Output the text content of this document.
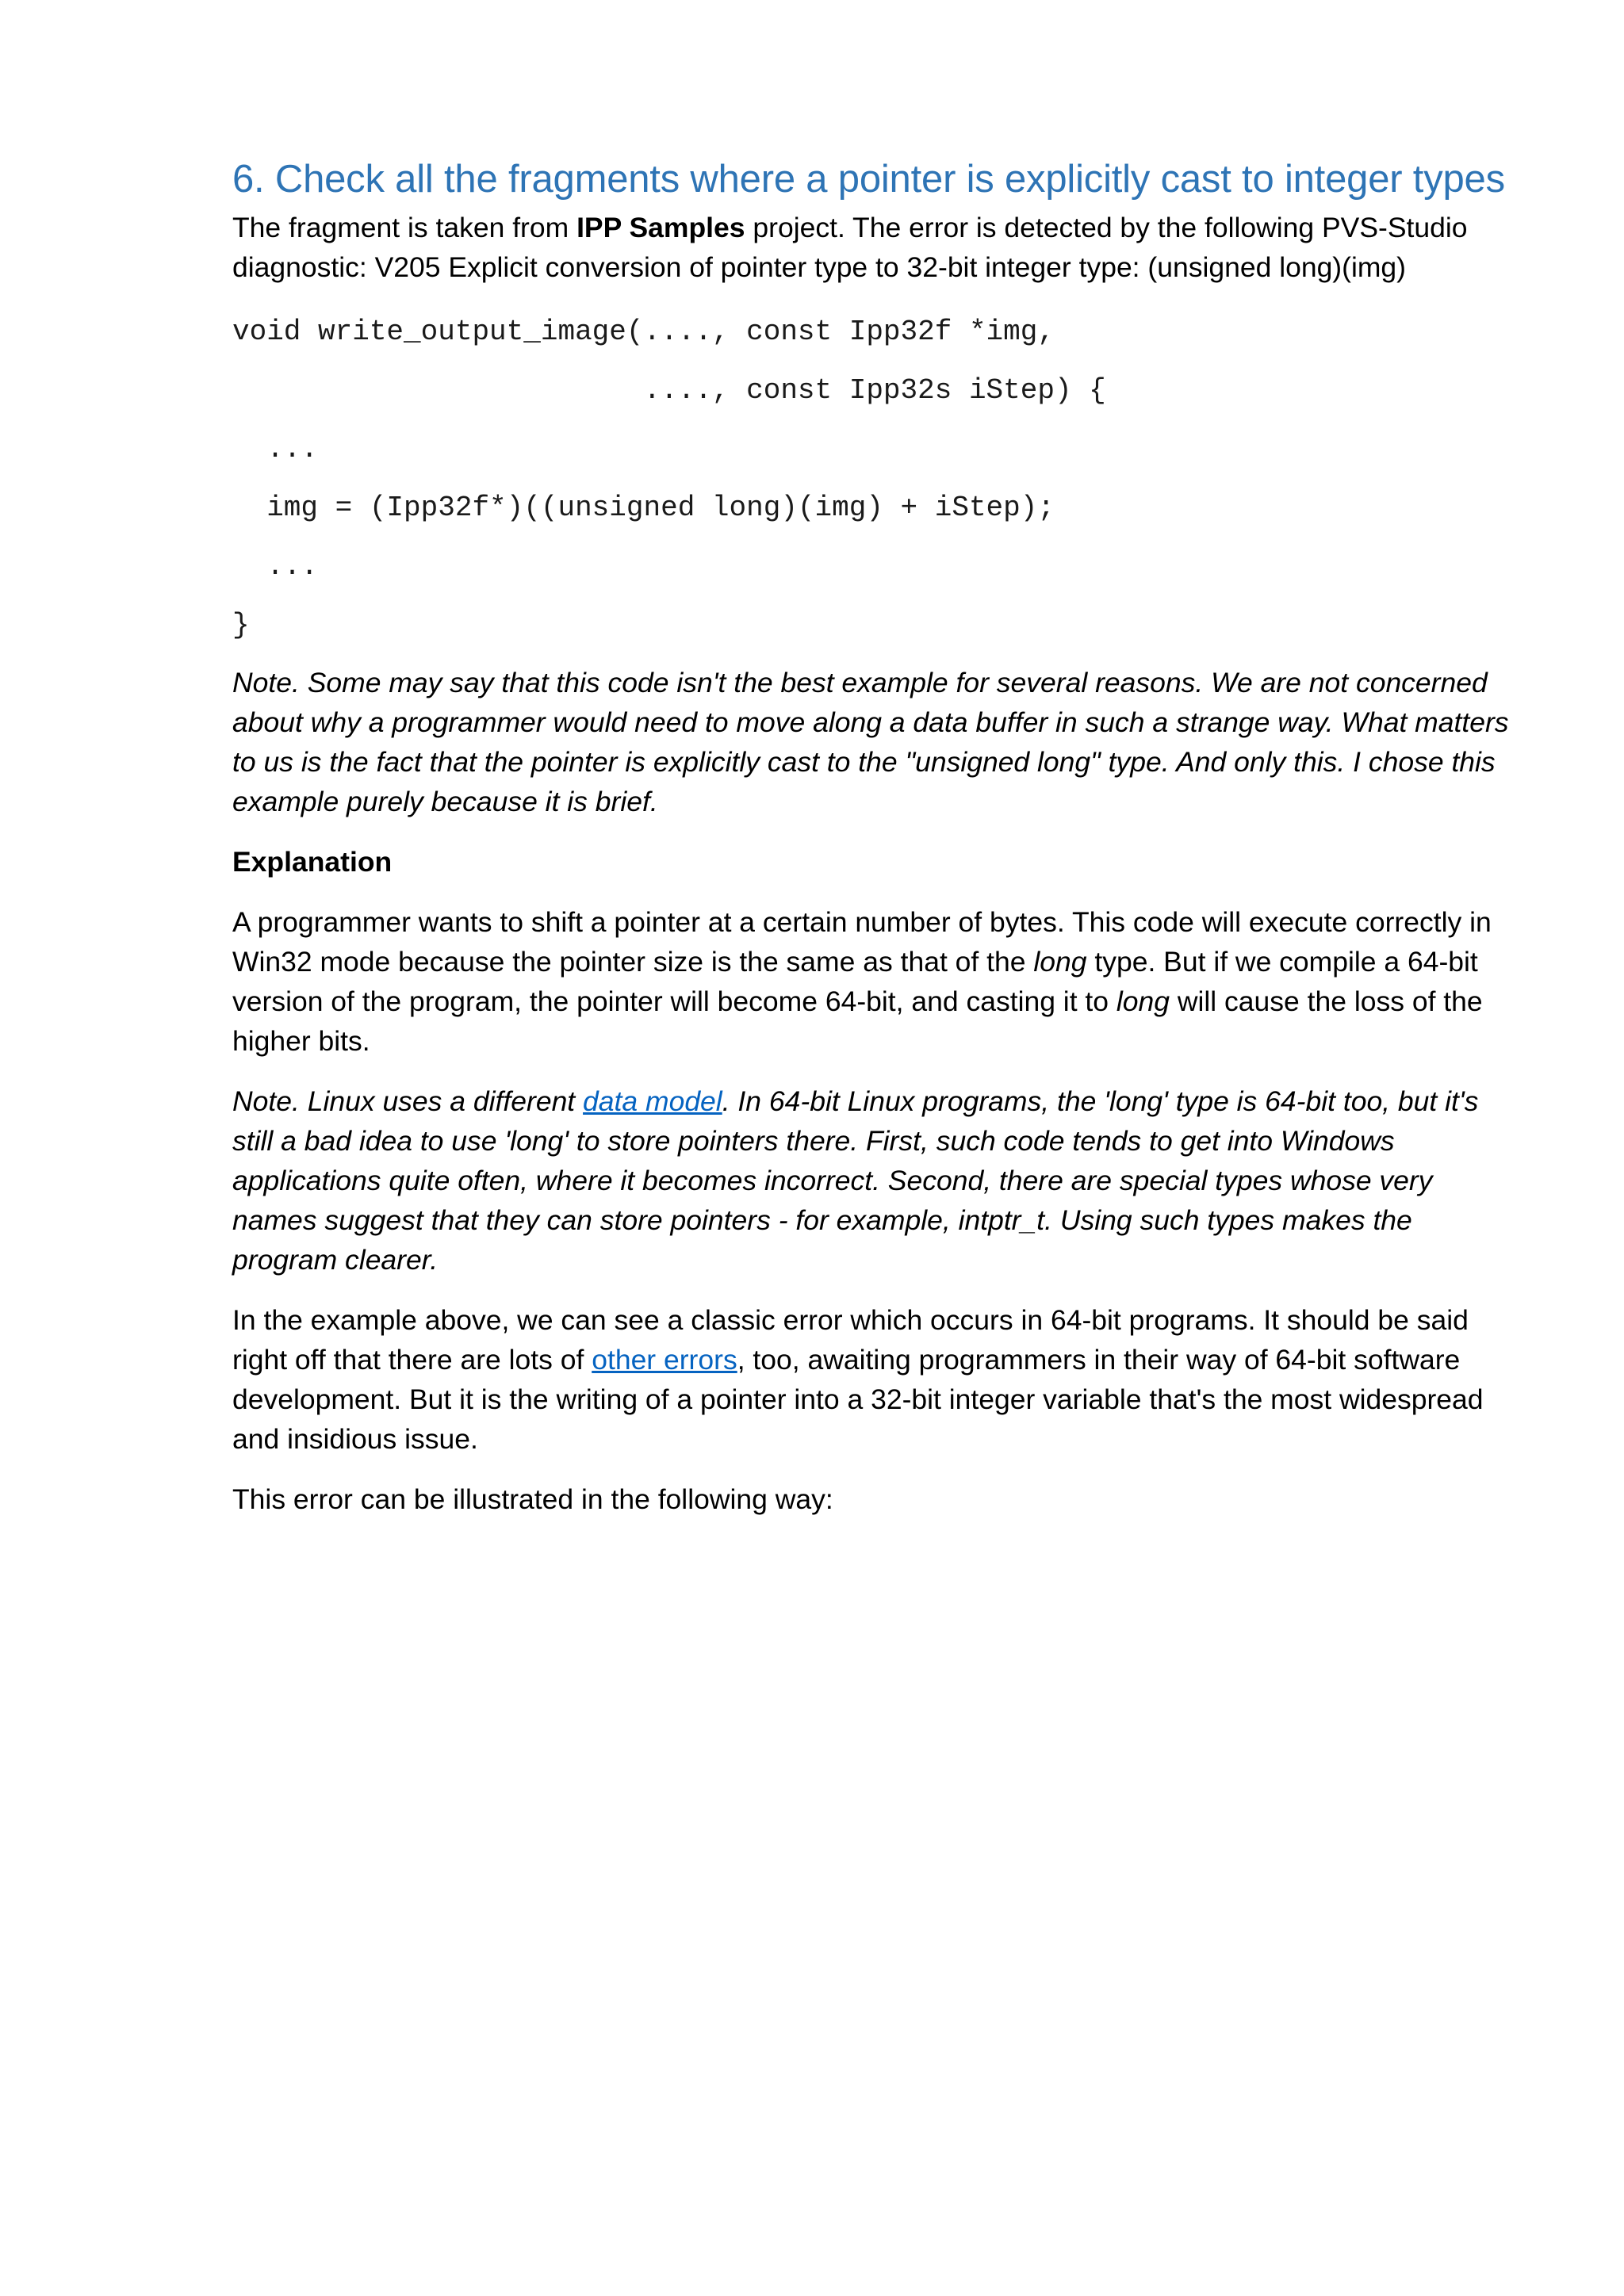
6. Check all the fragments where a pointer is explicitly cast to integer types

The fragment is taken from IPP Samples project. The error is detected by the following PVS-Studio diagnostic: V205 Explicit conversion of pointer type to 32-bit integer type: (unsigned long)(img)

void write_output_image(...., const Ipp32f *img,
...., const Ipp32s iStep) {
...
img = (Ipp32f*)((unsigned long)(img) + iStep);
...
}

Note. Some may say that this code isn't the best example for several reasons. We are not concerned about why a programmer would need to move along a data buffer in such a strange way. What matters to us is the fact that the pointer is explicitly cast to the "unsigned long" type. And only this. I chose this example purely because it is brief.

Explanation

A programmer wants to shift a pointer at a certain number of bytes. This code will execute correctly in Win32 mode because the pointer size is the same as that of the long type. But if we compile a 64-bit version of the program, the pointer will become 64-bit, and casting it to long will cause the loss of the higher bits.

Note. Linux uses a different data model. In 64-bit Linux programs, the 'long' type is 64-bit too, but it's still a bad idea to use 'long' to store pointers there. First, such code tends to get into Windows applications quite often, where it becomes incorrect. Second, there are special types whose very names suggest that they can store pointers - for example, intptr_t. Using such types makes the program clearer.

In the example above, we can see a classic error which occurs in 64-bit programs. It should be said right off that there are lots of other errors, too, awaiting programmers in their way of 64-bit software development. But it is the writing of a pointer into a 32-bit integer variable that's the most widespread and insidious issue.

This error can be illustrated in the following way:
